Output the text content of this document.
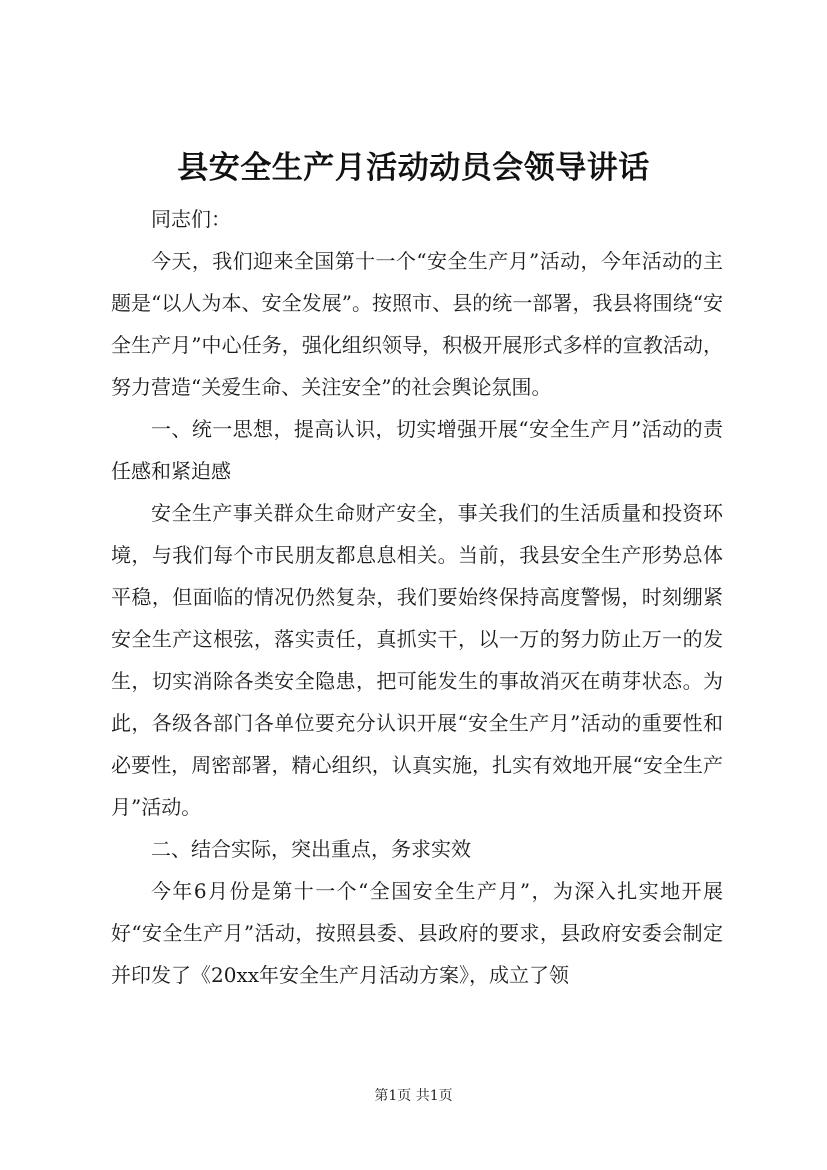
县安全生产月活动动员会领导讲话

同志们：

今天，我们迎来全国第十一个“安全生产月”活动，今年活动的主题是“以人为本、安全发展”。按照市、县的统一部署，我县将围绕“安全生产月”中心任务，强化组织领导，积极开展形式多样的宣教活动，努力营造“关爱生命、关注安全”的社会舆论氛围。

一、统一思想，提高认识，切实增强开展“安全生产月”活动的责任感和紧迫感

安全生产事关群众生命财产安全，事关我们的生活质量和投资环境，与我们每个市民朋友都息息相关。当前，我县安全生产形势总体平稳，但面临的情况仍然复杂，我们要始终保持高度警惕，时刻绷紧安全生产这根弦，落实责任，真抓实干，以一万的努力防止万一的发生，切实消除各类安全隐患，把可能发生的事故消灭在萌芽状态。为此，各级各部门各单位要充分认识开展“安全生产月”活动的重要性和必要性，周密部署，精心组织，认真实施，扎实有效地开展“安全生产月”活动。

二、结合实际，突出重点，务求实效

今年6月份是第十一个“全国安全生产月”，为深入扎实地开展好“安全生产月”活动，按照县委、县政府的要求，县政府安委会制定并印发了《20xx年安全生产月活动方案》，成立了领

第1页 共1页
